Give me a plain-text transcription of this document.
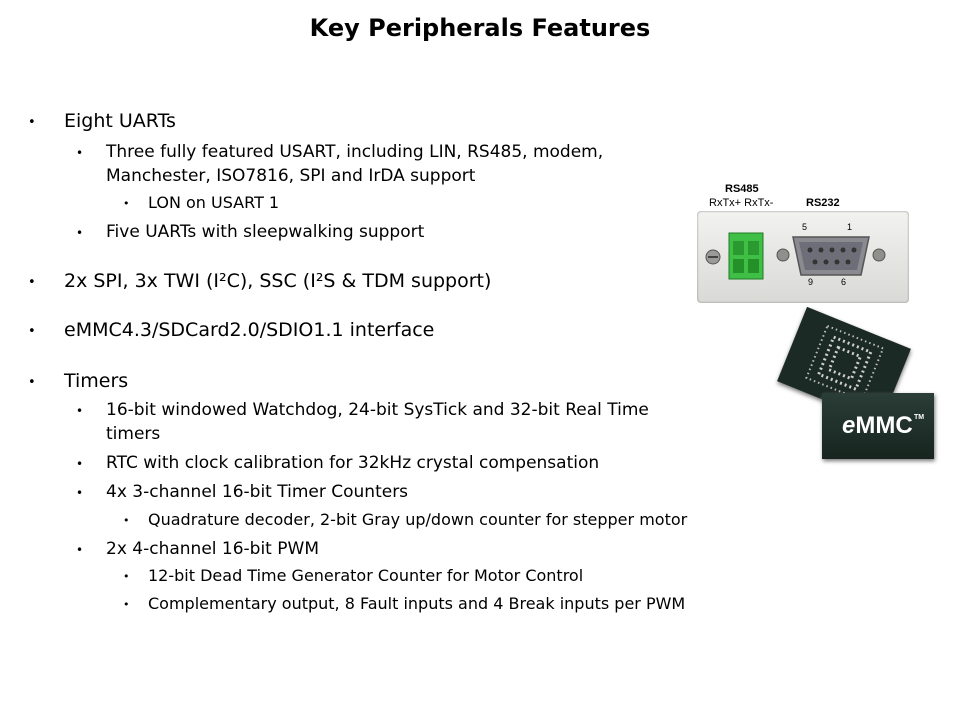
Key Peripherals Features
• Eight UARTs
• Three fully featured USART, including LIN, RS485, modem,
Manchester, ISO7816, SPI and IrDA support
• LON on USART 1
• Five UARTs with sleepwalking support
• 2x SPI, 3x TWI (I²C), SSC (I²S & TDM support)
• eMMC4.3/SDCard2.0/SDIO1.1 interface
• Timers
• 16-bit windowed Watchdog, 24-bit SysTick and 32-bit Real Time
timers
• RTC with clock calibration for 32kHz crystal compensation
• 4x 3-channel 16-bit Timer Counters
• Quadrature decoder, 2-bit Gray up/down counter for stepper motor
• 2x 4-channel 16-bit PWM
• 12-bit Dead Time Generator Counter for Motor Control
• Complementary output, 8 Fault inputs and 4 Break inputs per PWM
RS485
RxTx+ RxTx-	RS232
5	1
9	6
eMMC TM
